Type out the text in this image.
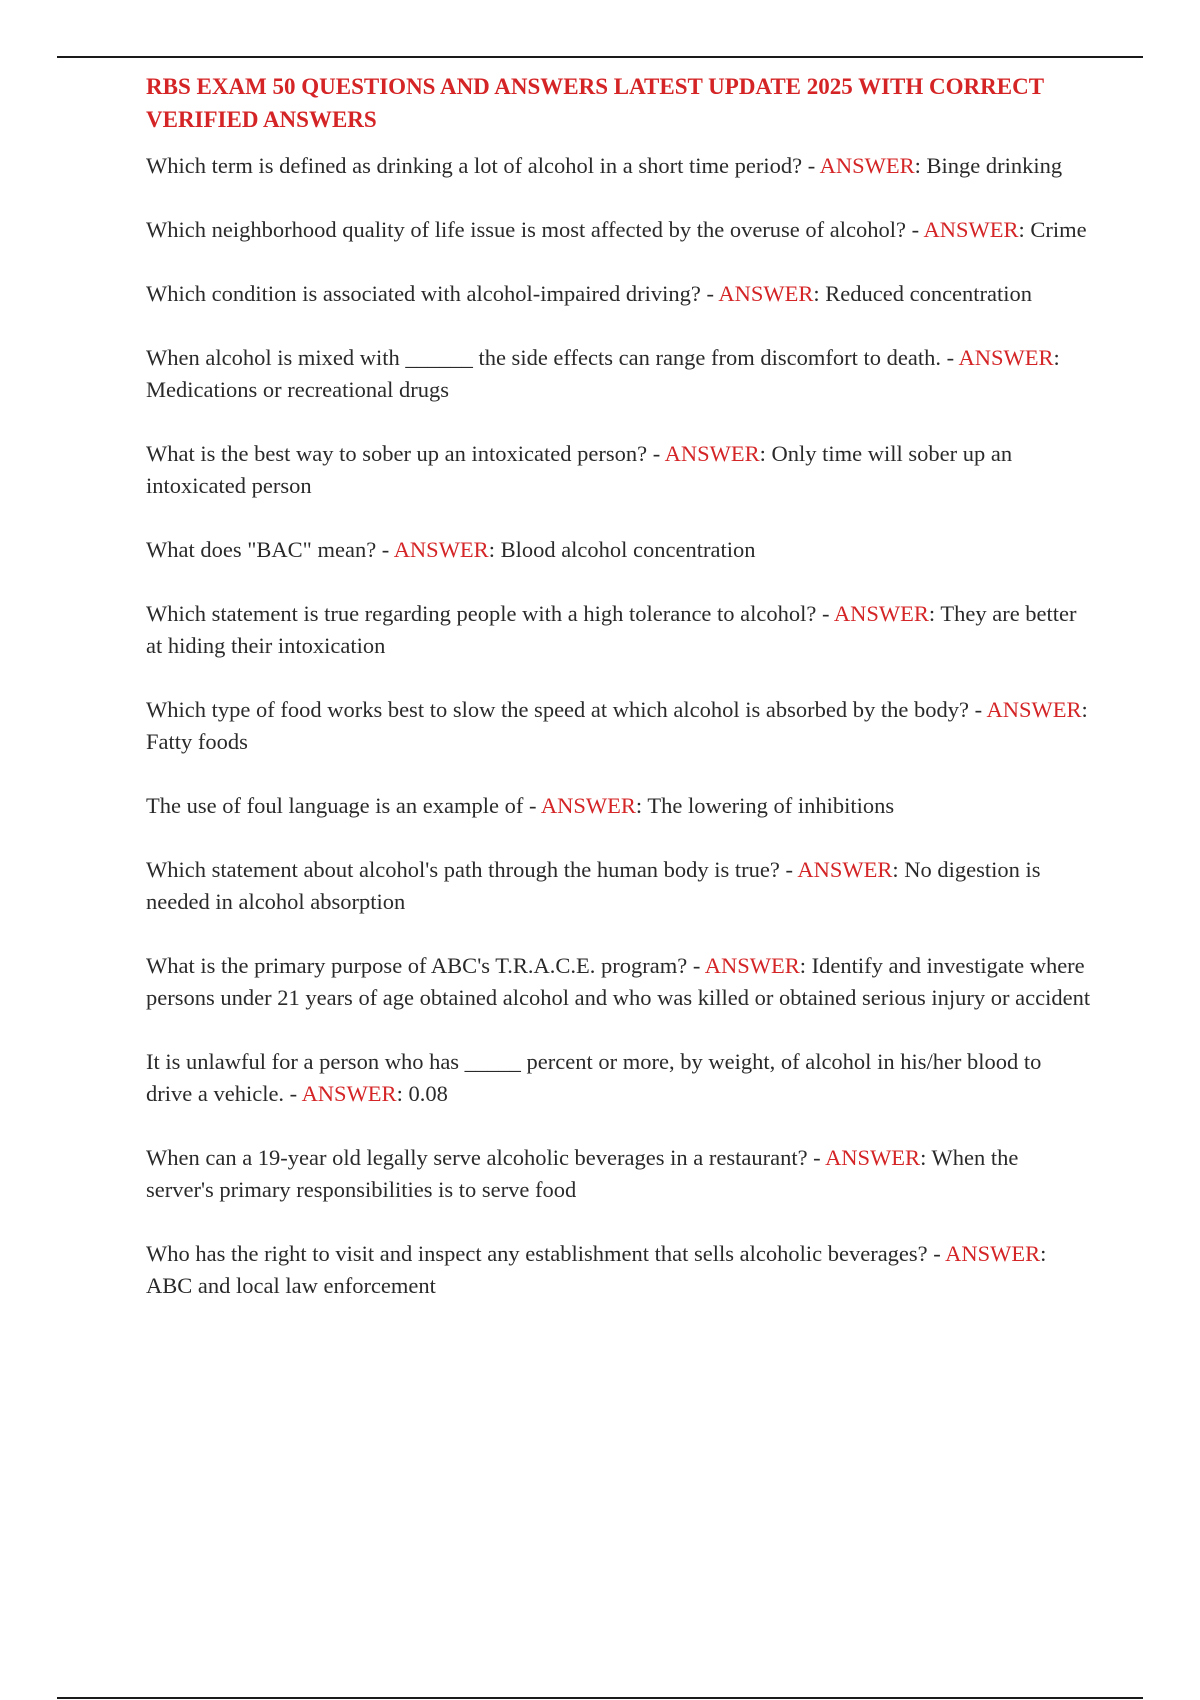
RBS EXAM 50 QUESTIONS AND ANSWERS LATEST UPDATE 2025 WITH CORRECT VERIFIED ANSWERS

Which term is defined as drinking a lot of alcohol in a short time period? - ANSWER: Binge drinking

Which neighborhood quality of life issue is most affected by the overuse of alcohol? - ANSWER: Crime

Which condition is associated with alcohol-impaired driving? - ANSWER: Reduced concentration

When alcohol is mixed with ______ the side effects can range from discomfort to death. - ANSWER: Medications or recreational drugs

What is the best way to sober up an intoxicated person? - ANSWER: Only time will sober up an intoxicated person

What does "BAC" mean? - ANSWER: Blood alcohol concentration

Which statement is true regarding people with a high tolerance to alcohol? - ANSWER: They are better at hiding their intoxication

Which type of food works best to slow the speed at which alcohol is absorbed by the body? - ANSWER: Fatty foods

The use of foul language is an example of - ANSWER: The lowering of inhibitions

Which statement about alcohol's path through the human body is true? - ANSWER: No digestion is needed in alcohol absorption

What is the primary purpose of ABC's T.R.A.C.E. program? - ANSWER: Identify and investigate where persons under 21 years of age obtained alcohol and who was killed or obtained serious injury or accident

It is unlawful for a person who has _____ percent or more, by weight, of alcohol in his/her blood to drive a vehicle. - ANSWER: 0.08

When can a 19-year old legally serve alcoholic beverages in a restaurant? - ANSWER: When the server's primary responsibilities is to serve food

Who has the right to visit and inspect any establishment that sells alcoholic beverages? - ANSWER: ABC and local law enforcement
